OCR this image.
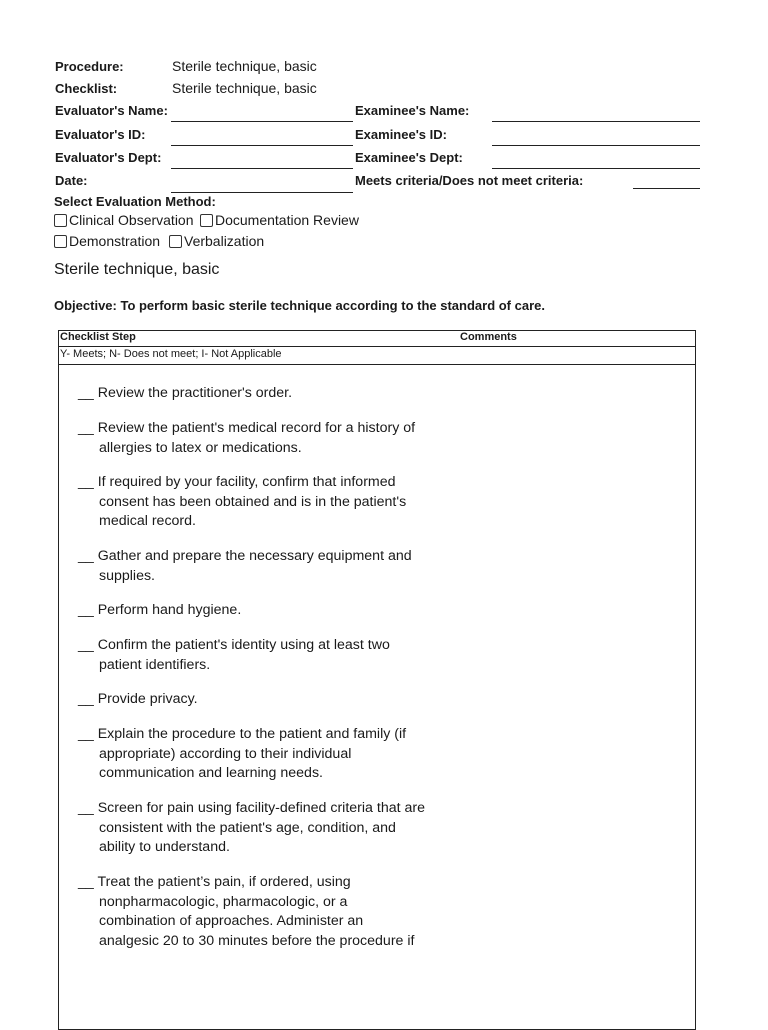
Procedure:	Sterile technique, basic
Checklist:	Sterile technique, basic
Evaluator's Name:	Examinee's Name:
Evaluator's ID:	Examinee's ID:
Evaluator's Dept:	Examinee's Dept:
Date:	Meets criteria/Does not meet criteria:
Select Evaluation Method:
Clinical Observation	Documentation Review
Demonstration	Verbalization
Sterile technique, basic
Objective: To perform basic sterile technique according to the standard of care.
Checklist Step	Comments
Y- Meets; N- Does not meet; I- Not Applicable
__ Review the practitioner's order.
__ Review the patient's medical record for a history of
allergies to latex or medications.
__ If required by your facility, confirm that informed
consent has been obtained and is in the patient's
medical record.
__ Gather and prepare the necessary equipment and
supplies.
__ Perform hand hygiene.
__ Confirm the patient's identity using at least two
patient identifiers.
__ Provide privacy.
__ Explain the procedure to the patient and family (if
appropriate) according to their individual
communication and learning needs.
__ Screen for pain using facility-defined criteria that are
consistent with the patient's age, condition, and
ability to understand.
__ Treat the patient’s pain, if ordered, using
nonpharmacologic, pharmacologic, or a
combination of approaches. Administer an
analgesic 20 to 30 minutes before the procedure if
